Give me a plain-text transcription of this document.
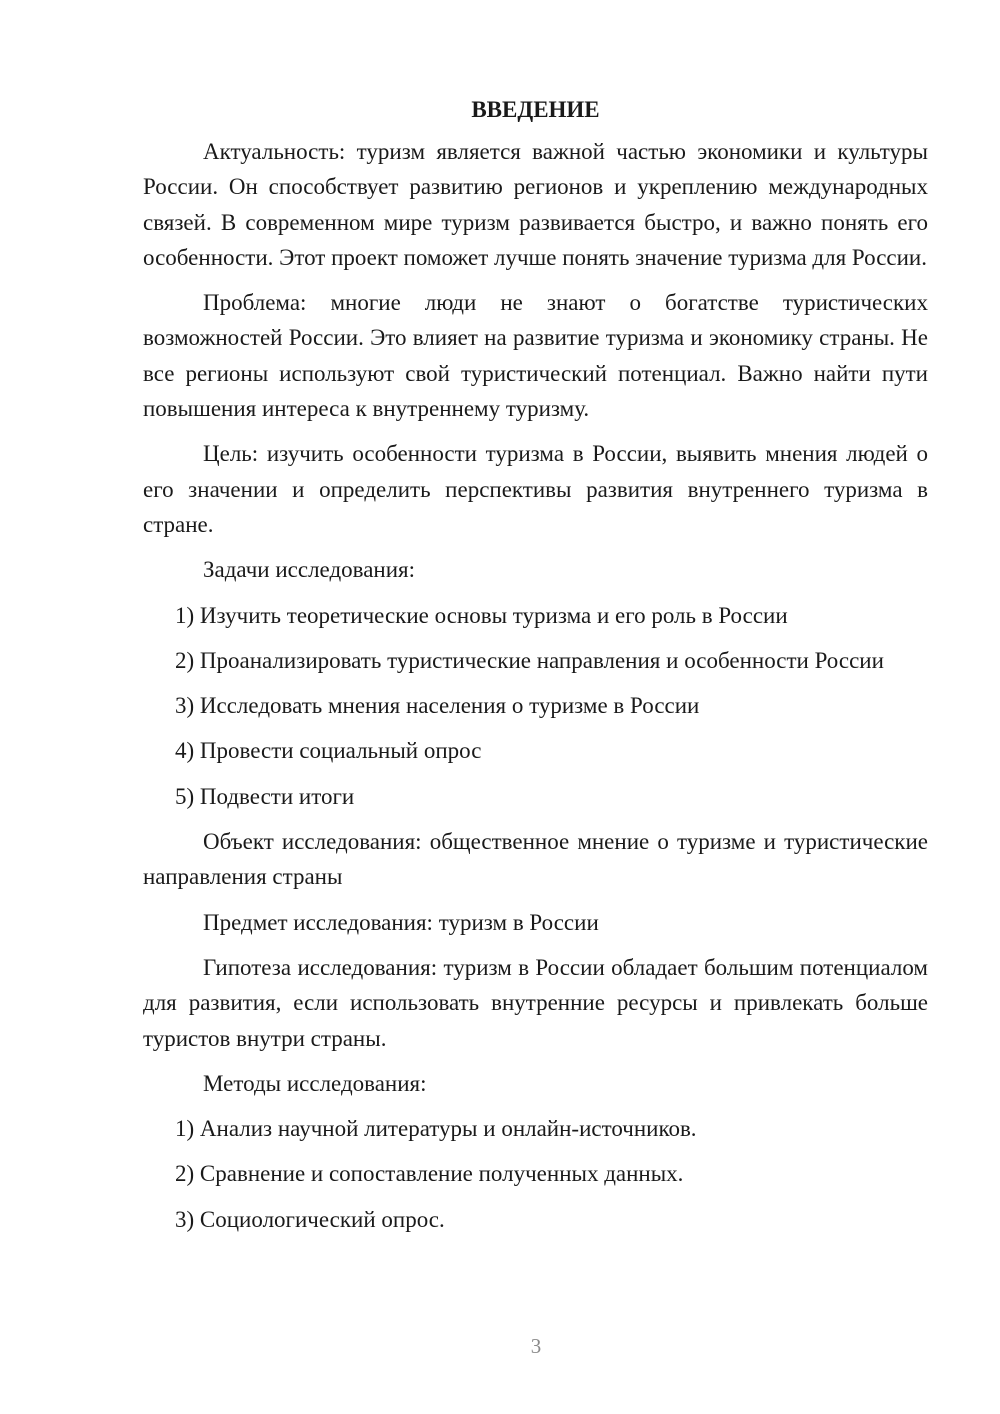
ВВЕДЕНИЕ

Актуальность: туризм является важной частью экономики и культуры России. Он способствует развитию регионов и укреплению международных связей. В современном мире туризм развивается быстро, и важно понять его особенности. Этот проект поможет лучше понять значение туризма для России.

Проблема: многие люди не знают о богатстве туристических возможностей России. Это влияет на развитие туризма и экономику страны. Не все регионы используют свой туристический потенциал. Важно найти пути повышения интереса к внутреннему туризму.

Цель: изучить особенности туризма в России, выявить мнения людей о его значении и определить перспективы развития внутреннего туризма в стране.

Задачи исследования:

1) Изучить теоретические основы туризма и его роль в России

2) Проанализировать туристические направления и особенности России

3) Исследовать мнения населения о туризме в России

4) Провести социальный опрос

5) Подвести итоги

Объект исследования: общественное мнение о туризме и туристические направления страны

Предмет исследования: туризм в России

Гипотеза исследования: туризм в России обладает большим потенциалом для развития, если использовать внутренние ресурсы и привлекать больше туристов внутри страны.

Методы исследования:

1) Анализ научной литературы и онлайн-источников.

2) Сравнение и сопоставление полученных данных.

3) Социологический опрос.

3
